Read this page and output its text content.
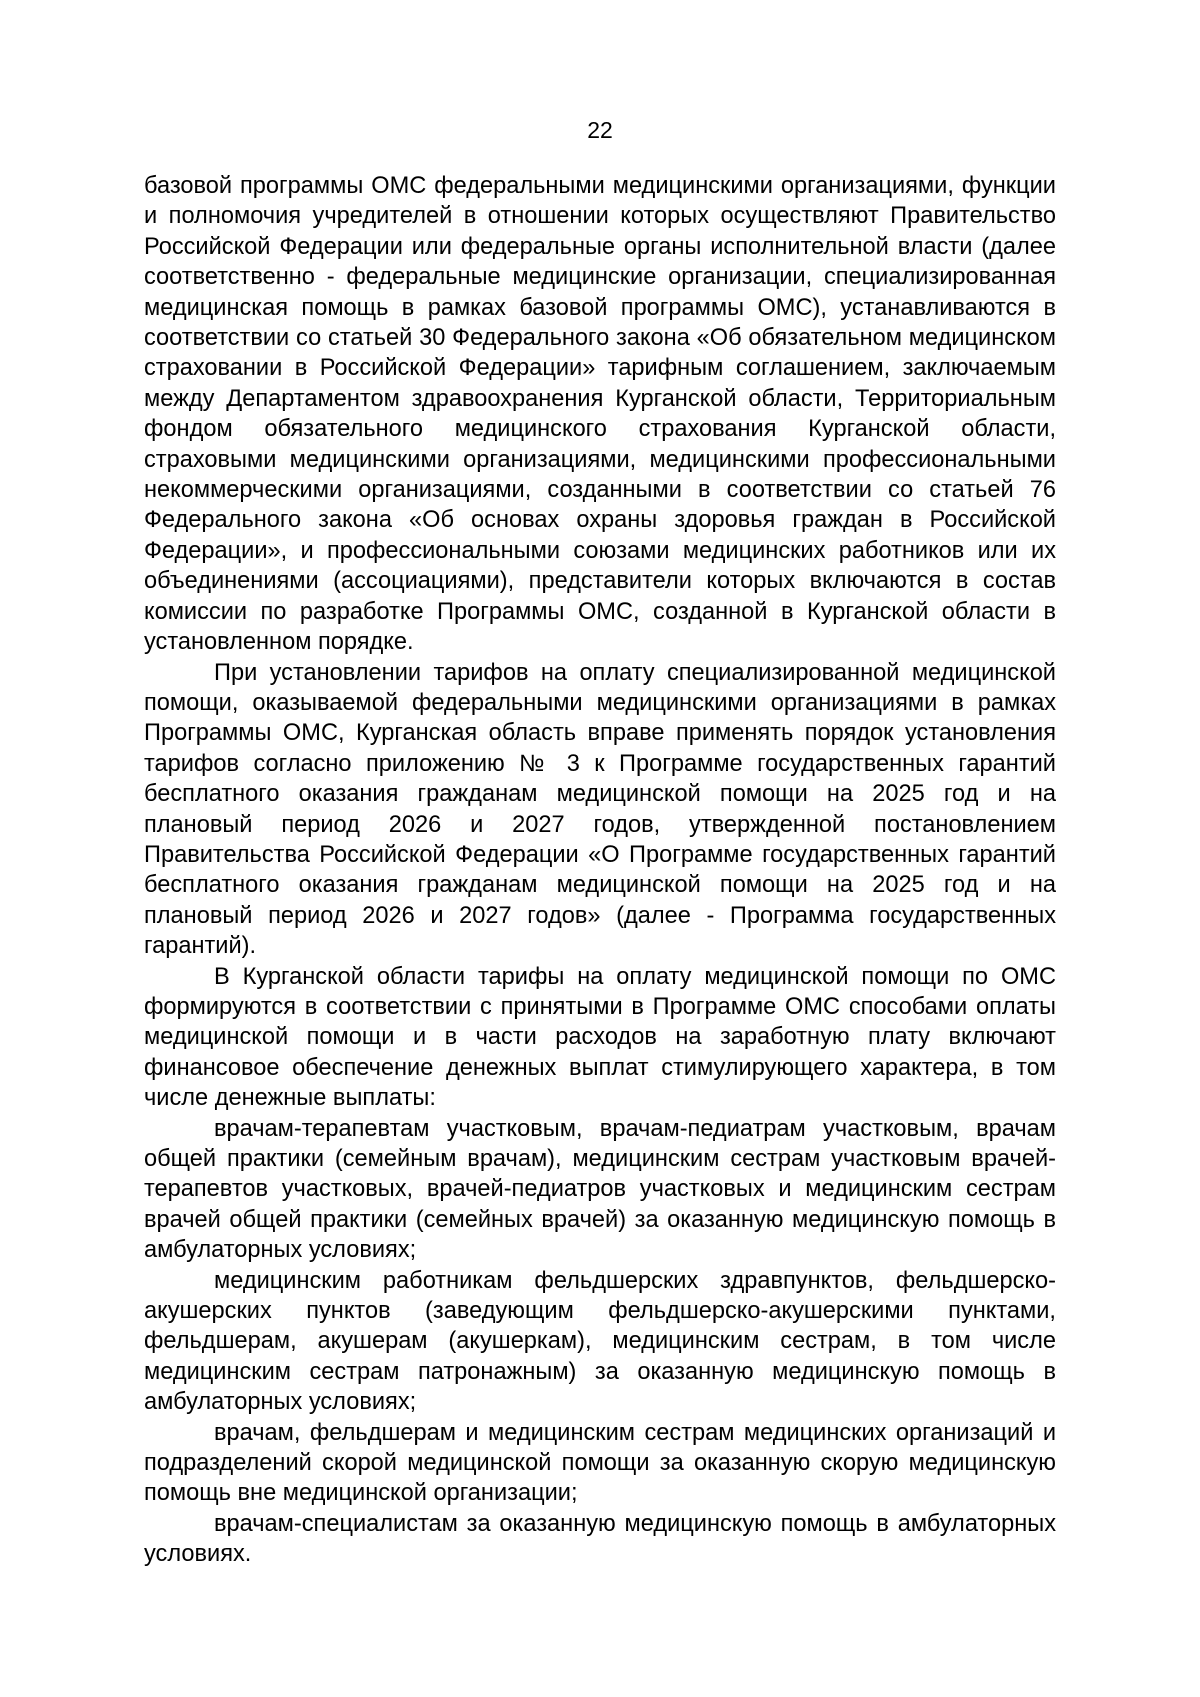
22

базовой программы ОМС федеральными медицинскими организациями, функции и полномочия учредителей в отношении которых осуществляют Правительство Российской Федерации или федеральные органы исполнительной власти (далее соответственно - федеральные медицинские организации, специализированная медицинская помощь в рамках базовой программы ОМС), устанавливаются в соответствии со статьей 30 Федерального закона «Об обязательном медицинском страховании в Российской Федерации» тарифным соглашением, заключаемым между Департаментом здравоохранения Курганской области, Территориальным фондом обязательного медицинского страхования Курганской области, страховыми медицинскими организациями, медицинскими профессиональными некоммерческими организациями, созданными в соответствии со статьей 76 Федерального закона «Об основах охраны здоровья граждан в Российской Федерации», и профессиональными союзами медицинских работников или их объединениями (ассоциациями), представители которых включаются в состав комиссии по разработке Программы ОМС, созданной в Курганской области в установленном порядке.

При установлении тарифов на оплату специализированной медицинской помощи, оказываемой федеральными медицинскими организациями в рамках Программы ОМС, Курганская область вправе применять порядок установления тарифов согласно приложению № 3 к Программе государственных гарантий бесплатного оказания гражданам медицинской помощи на 2025 год и на плановый период 2026 и 2027 годов, утвержденной постановлением Правительства Российской Федерации «О Программе государственных гарантий бесплатного оказания гражданам медицинской помощи на 2025 год и на плановый период 2026 и 2027 годов» (далее - Программа государственных гарантий).

В Курганской области тарифы на оплату медицинской помощи по ОМС формируются в соответствии с принятыми в Программе ОМС способами оплаты медицинской помощи и в части расходов на заработную плату включают финансовое обеспечение денежных выплат стимулирующего характера, в том числе денежные выплаты:

врачам-терапевтам участковым, врачам-педиатрам участковым, врачам общей практики (семейным врачам), медицинским сестрам участковым врачей-терапевтов участковых, врачей-педиатров участковых и медицинским сестрам врачей общей практики (семейных врачей) за оказанную медицинскую помощь в амбулаторных условиях;

медицинским работникам фельдшерских здравпунктов, фельдшерско-акушерских пунктов (заведующим фельдшерско-акушерскими пунктами, фельдшерам, акушерам (акушеркам), медицинским сестрам, в том числе медицинским сестрам патронажным) за оказанную медицинскую помощь в амбулаторных условиях;

врачам, фельдшерам и медицинским сестрам медицинских организаций и подразделений скорой медицинской помощи за оказанную скорую медицинскую помощь вне медицинской организации;

врачам-специалистам за оказанную медицинскую помощь в амбулаторных условиях.
